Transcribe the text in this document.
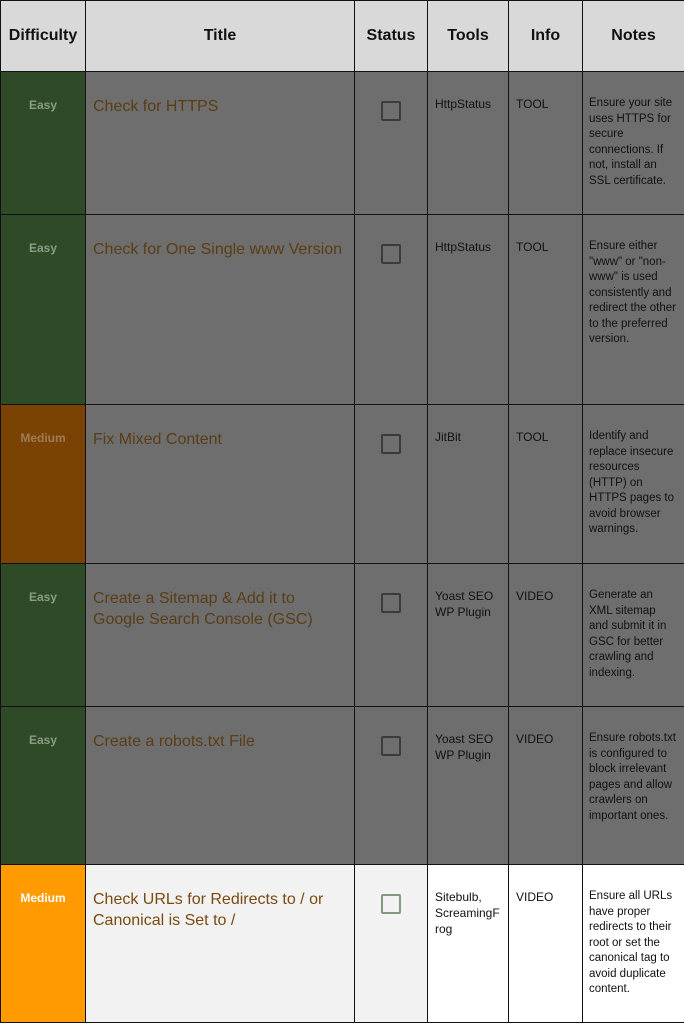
Difficulty	Title	Status	Tools	Info	Notes
Easy	Check for HTTPS		HttpStatus	TOOL	Ensure your site uses HTTPS for secure connections. If not, install an SSL certificate.
Easy	Check for One Single www Version		HttpStatus	TOOL	Ensure either "www" or "non-www" is used consistently and redirect the other to the preferred version.
Medium	Fix Mixed Content		JitBit	TOOL	Identify and replace insecure resources (HTTP) on HTTPS pages to avoid browser warnings.
Easy	Create a Sitemap & Add it to Google Search Console (GSC)		Yoast SEO WP Plugin	VIDEO	Generate an XML sitemap and submit it in GSC for better crawling and indexing.
Easy	Create a robots.txt File		Yoast SEO WP Plugin	VIDEO	Ensure robots.txt is configured to block irrelevant pages and allow crawlers on important ones.
Medium	Check URLs for Redirects to / or Canonical is Set to /		Sitebulb, ScreamingFrog	VIDEO	Ensure all URLs have proper redirects to their root or set the canonical tag to avoid duplicate content.
